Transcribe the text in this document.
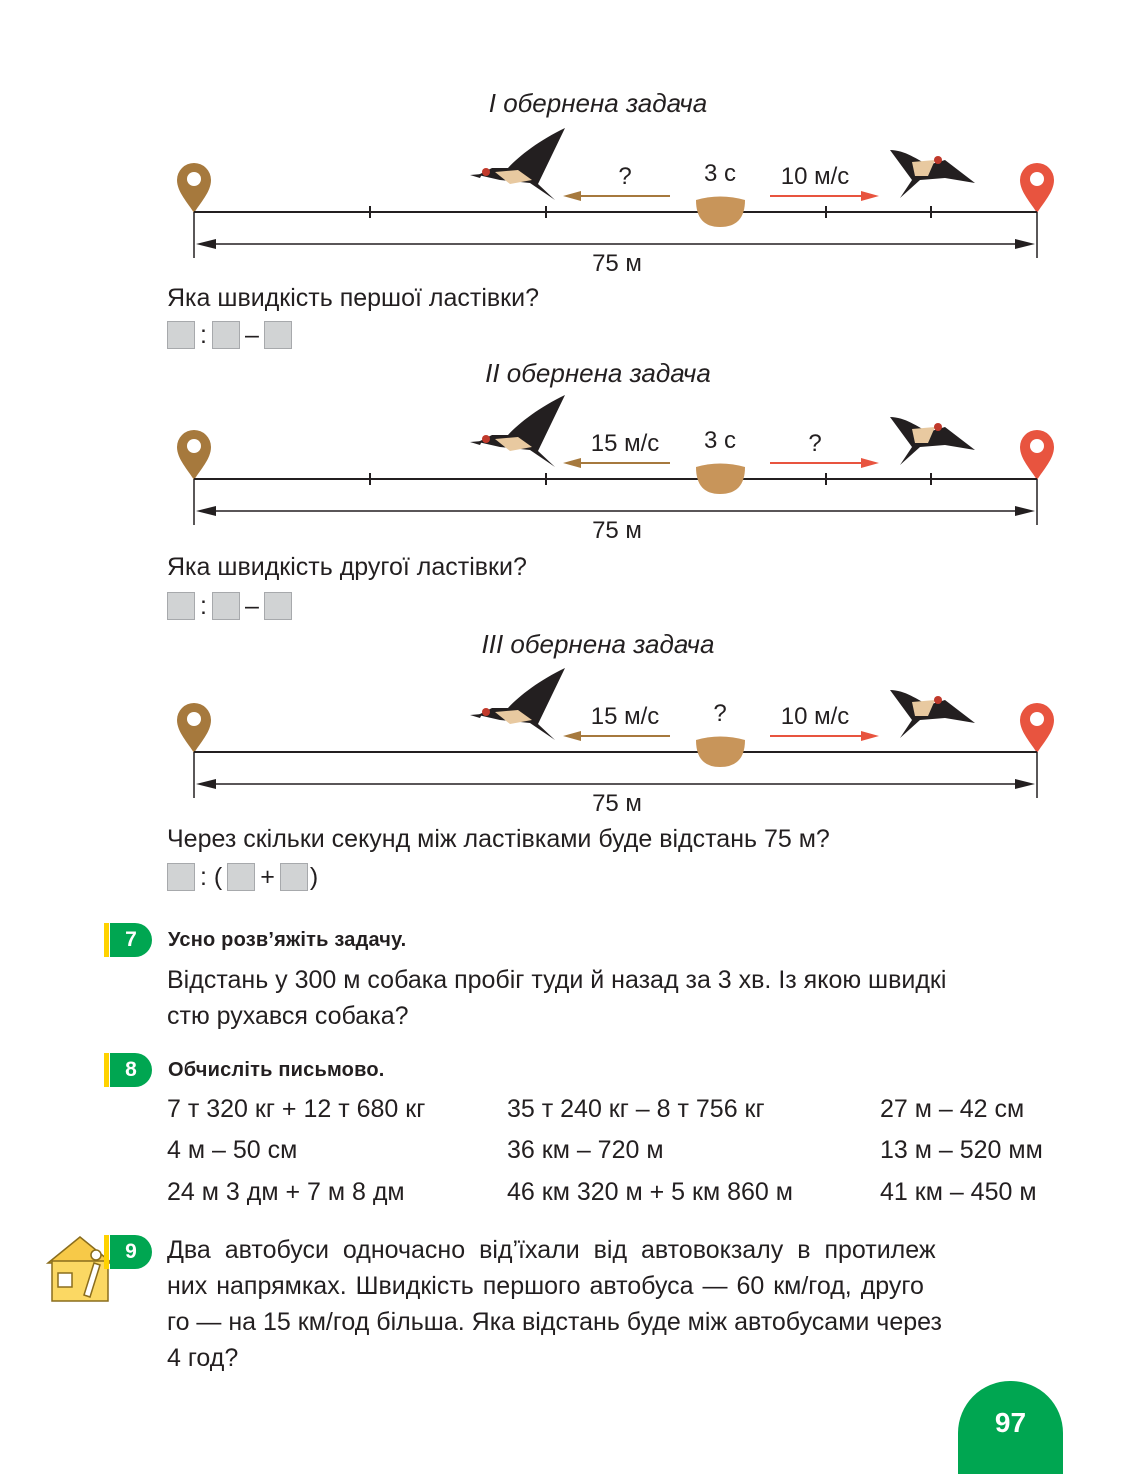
I обернена задача
?	3 с 10 м/с
75 м
Яка швидкість першої ластівки?
: –
II обернена задача
15 м/с 3 с	?
75 м
Яка швидкість другої ластівки?
: –
III обернена задача
15 м/с ? 10 м/с
75 м
Через скільки секунд між ластівками буде відстань 75 м?
: ( + )
7	Усно розв’яжіть задачу.
Відстань у 300 м собака пробіг туди й назад за 3 хв. Із якою швидкі
стю рухався собака?
8	Обчисліть письмово.
7 т 320 кг + 12 т 680 кг	35 т 240 кг – 8 т 756 кг	27 м – 42 см
4 м – 50 см	36 км – 720 м	13 м – 520 мм
24 м 3 дм + 7 м 8 дм	46 км 320 м + 5 км 860 м	41 км – 450 м
9	Два автобуси одночасно від’їхали від автовокзалу в протилеж
них напрямках. Швидкість першого автобуса — 60 км/год, друго
го — на 15 км/год більша. Яка відстань буде між автобусами через
4 год?
97
